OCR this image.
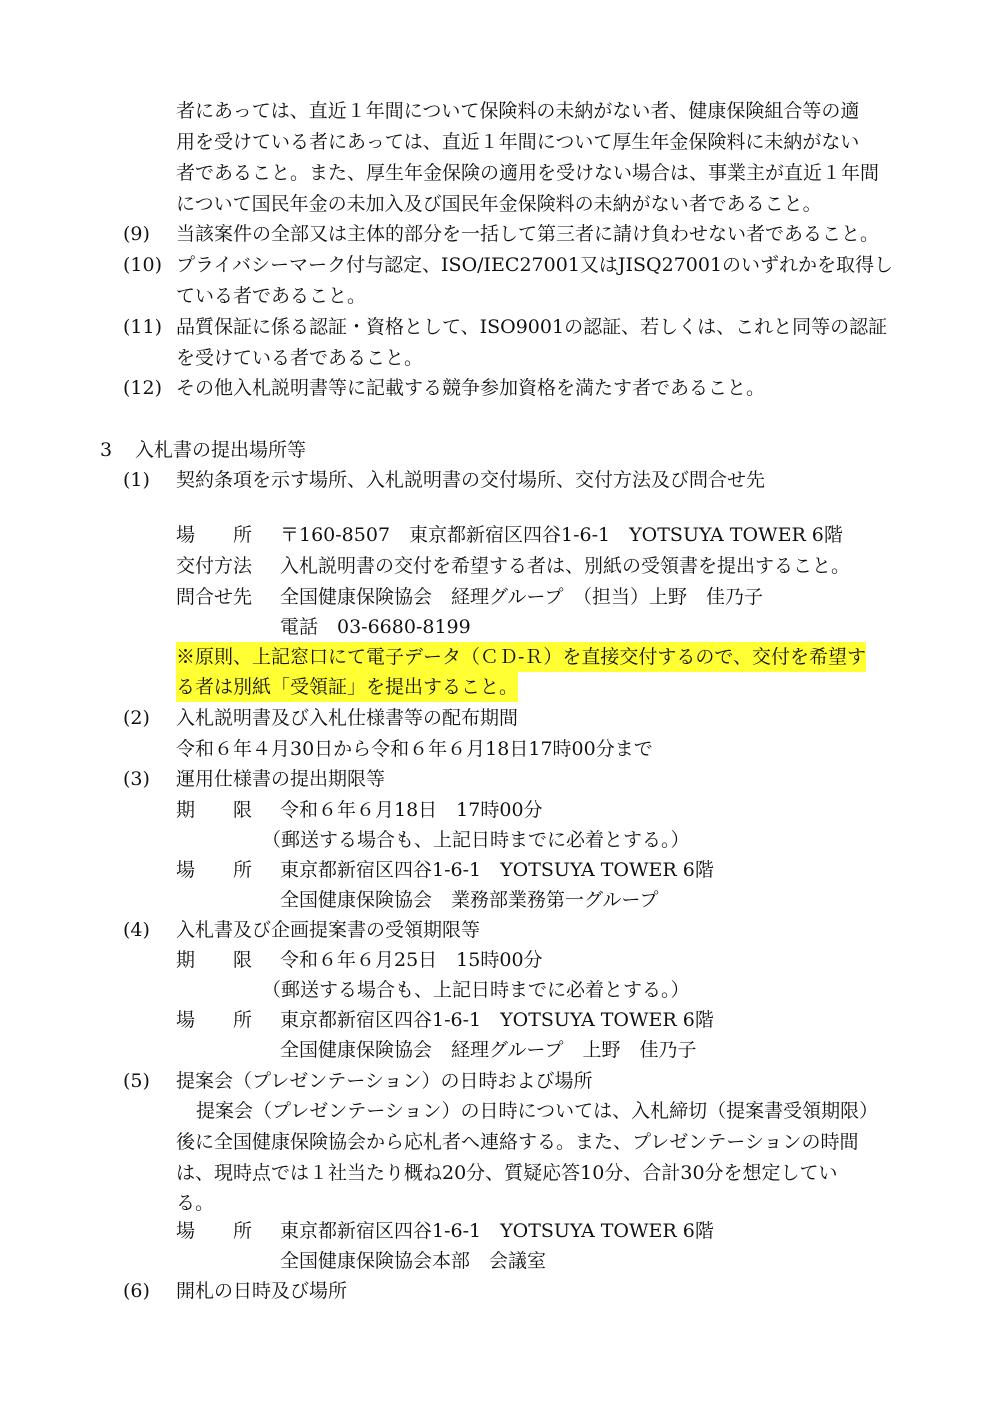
者にあっては、直近１年間について保険料の未納がない者、健康保険組合等の適
用を受けている者にあっては、直近１年間について厚生年金保険料に未納がない
者であること。また、厚生年金保険の適用を受けない場合は、事業主が直近１年間
について国民年金の未加入及び国民年金保険料の未納がない者であること。
(9) 当該案件の全部又は主体的部分を一括して第三者に請け負わせない者であること。
(10) プライバシーマーク付与認定、ISO/IEC27001又はJISQ27001のいずれかを取得し
ている者であること。
(11) 品質保証に係る認証・資格として、ISO9001の認証、若しくは、これと同等の認証
を受けている者であること。
(12) その他入札説明書等に記載する競争参加資格を満たす者であること。
3 入札書の提出場所等
(1) 契約条項を示す場所、入札説明書の交付場所、交付方法及び問合せ先
場　　所 〒160-8507　東京都新宿区四谷1-6-1　YOTSUYA TOWER 6階
交付方法 入札説明書の交付を希望する者は、別紙の受領書を提出すること。
問合せ先 全国健康保険協会　経理グループ　（担当）上野　佳乃子
電話　03-6680-8199
※原則、上記窓口にて電子データ（ＣＤ-Ｒ）を直接交付するので、交付を希望す
る者は別紙「受領証」を提出すること。
(2) 入札説明書及び入札仕様書等の配布期間
令和６年４月30日から令和６年６月18日17時00分まで
(3) 運用仕様書の提出期限等
期　　限 令和６年６月18日　17時00分
（郵送する場合も、上記日時までに必着とする。）
場　　所 東京都新宿区四谷1-6-1　YOTSUYA TOWER 6階
全国健康保険協会　業務部業務第一グループ
(4) 入札書及び企画提案書の受領期限等
期　　限 令和６年６月25日　15時00分
（郵送する場合も、上記日時までに必着とする。）
場　　所 東京都新宿区四谷1-6-1　YOTSUYA TOWER 6階
全国健康保険協会　経理グループ　上野　佳乃子
(5) 提案会（プレゼンテーション）の日時および場所
提案会（プレゼンテーション）の日時については、入札締切（提案書受領期限）
後に全国健康保険協会から応札者へ連絡する。また、プレゼンテーションの時間
は、現時点では１社当たり概ね20分、質疑応答10分、合計30分を想定してい
る。
場　　所 東京都新宿区四谷1-6-1　YOTSUYA TOWER 6階
全国健康保険協会本部　会議室
(6) 開札の日時及び場所
